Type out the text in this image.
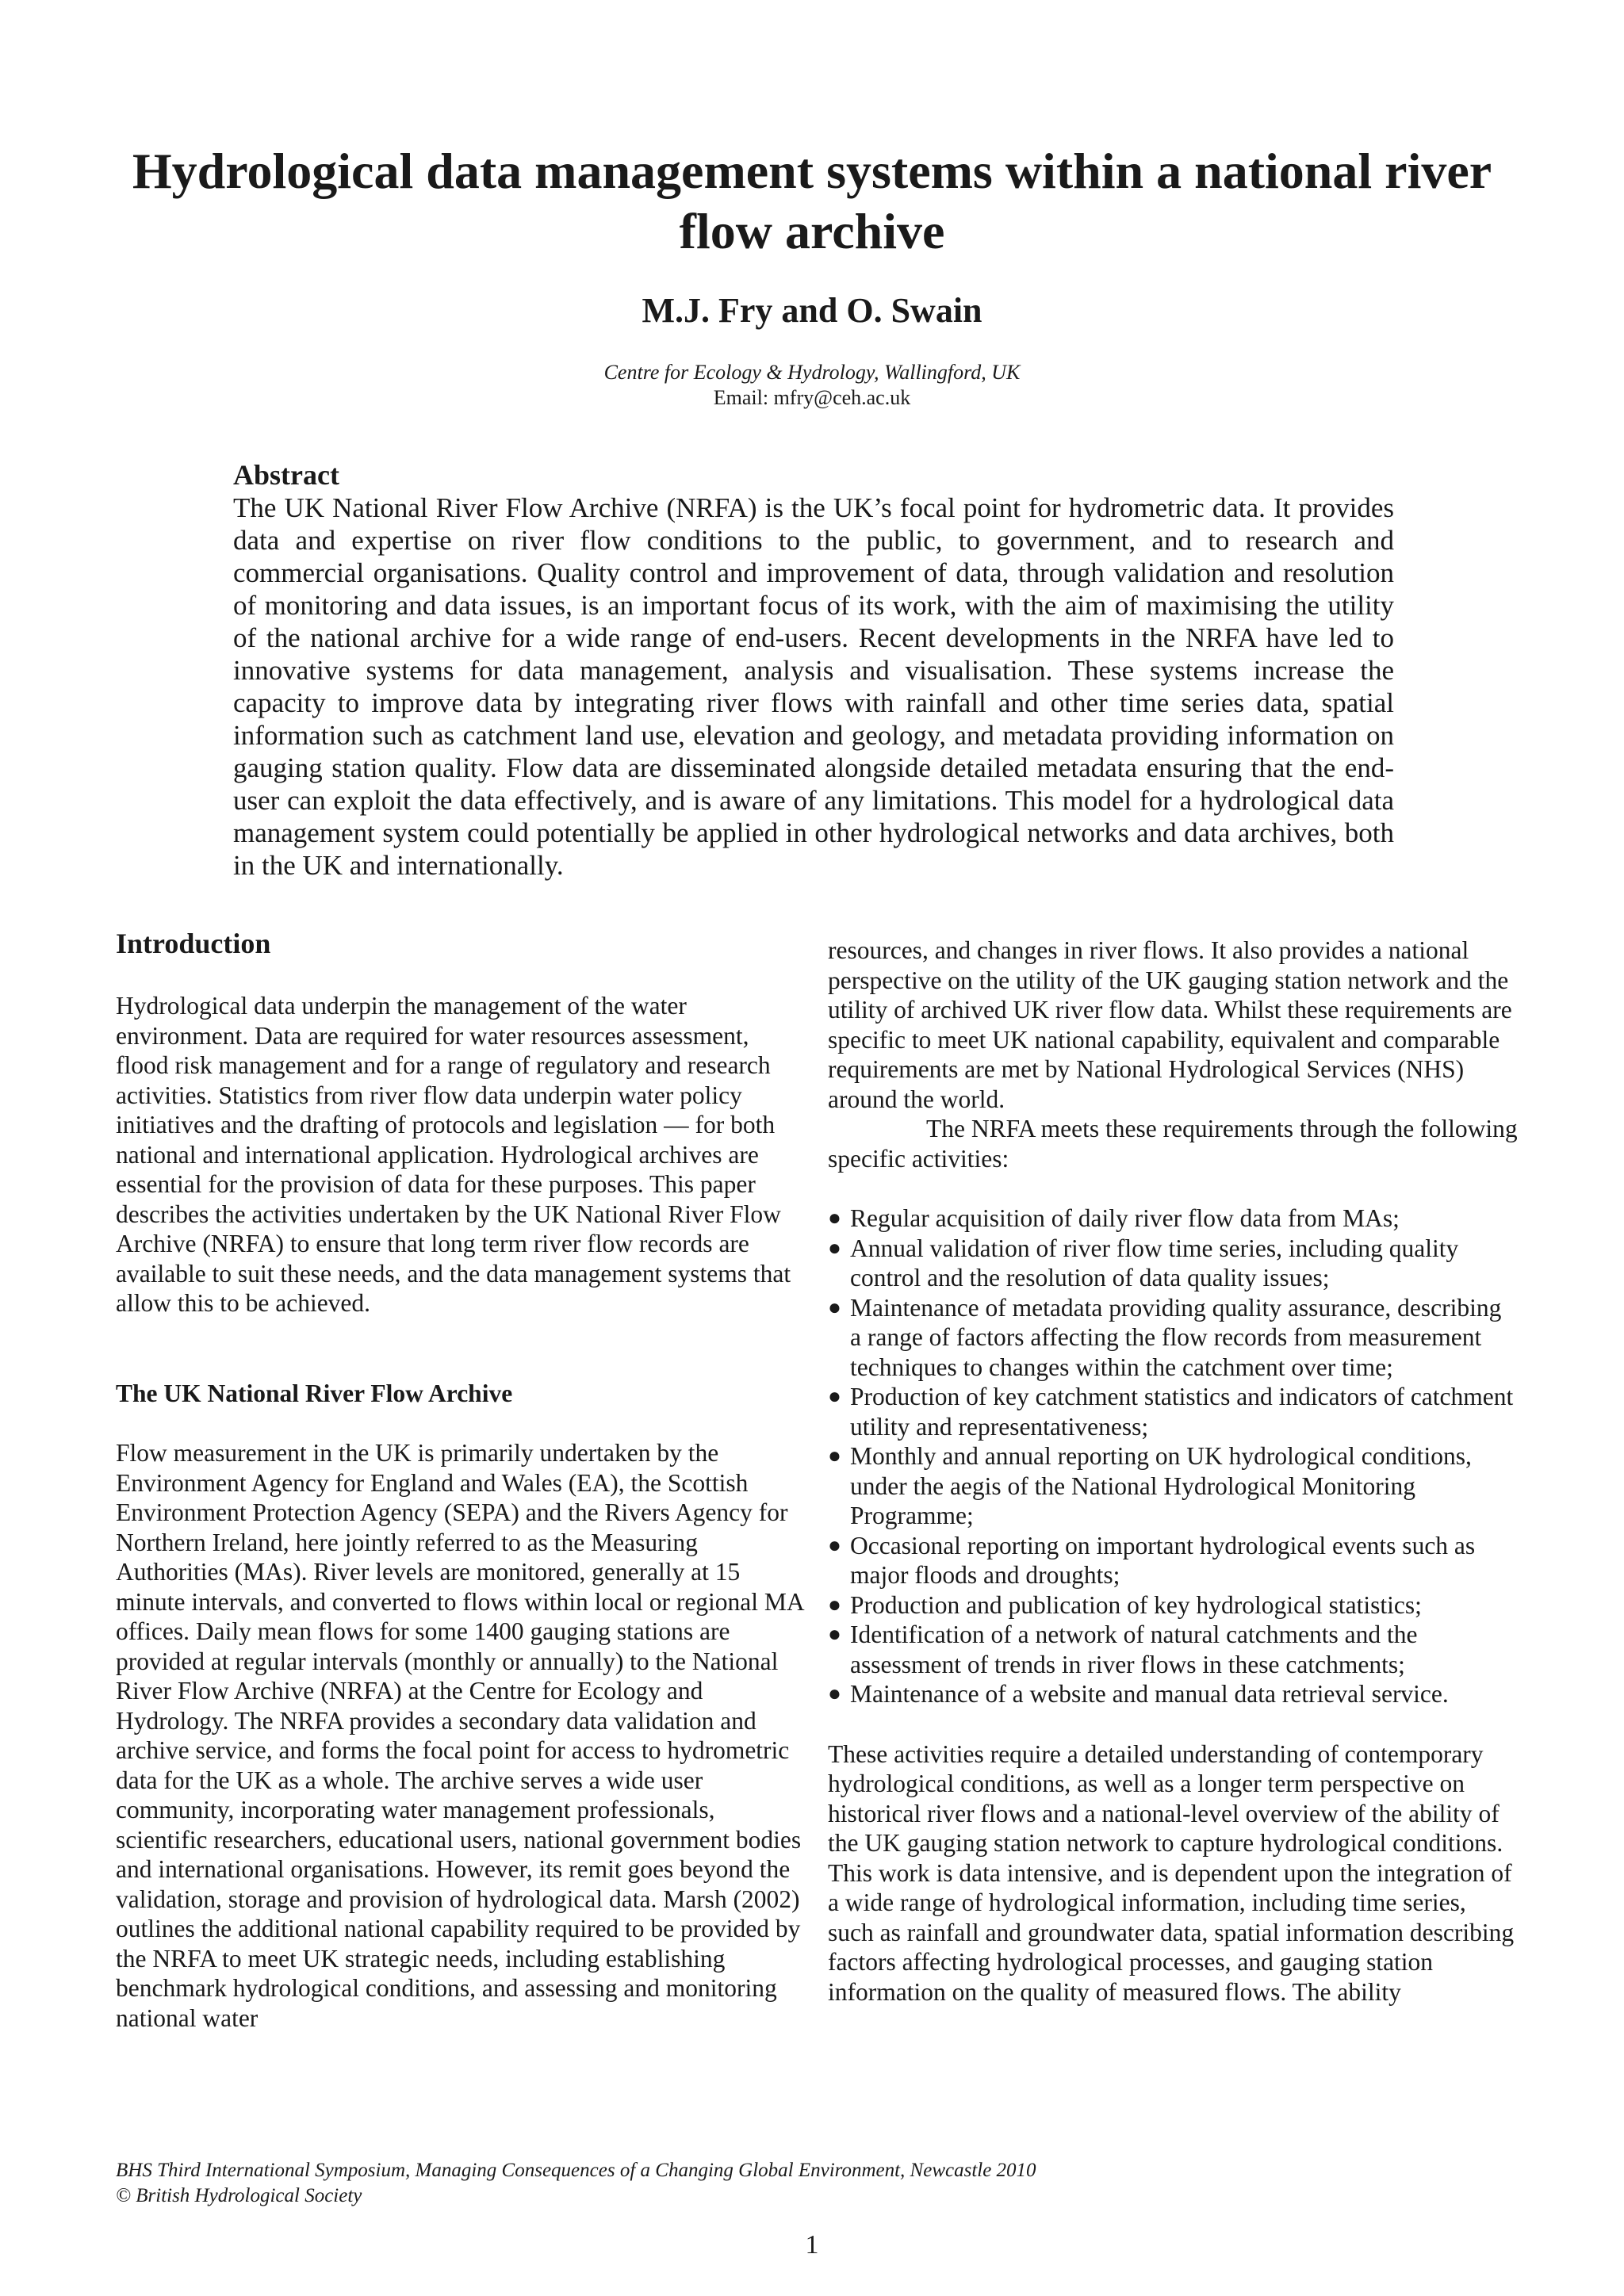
Hydrological data management systems within a national river flow archive
M.J. Fry and O. Swain
Centre for Ecology & Hydrology, Wallingford, UK
Email: mfry@ceh.ac.uk
Abstract

The UK National River Flow Archive (NRFA) is the UK’s focal point for hydrometric data. It provides data and expertise on river flow conditions to the public, to government, and to research and commercial organisations. Quality control and improvement of data, through validation and resolution of monitoring and data issues, is an important focus of its work, with the aim of maximising the utility of the national archive for a wide range of end-users. Recent developments in the NRFA have led to innovative systems for data management, analysis and visualisation. These systems increase the capacity to improve data by integrating river flows with rainfall and other time series data, spatial information such as catchment land use, elevation and geology, and metadata providing information on gauging station quality. Flow data are disseminated alongside detailed metadata ensuring that the end-user can exploit the data effectively, and is aware of any limitations. This model for a hydrological data management system could potentially be applied in other hydrological networks and data archives, both in the UK and internationally.

Introduction

Hydrological data underpin the management of the water environment. Data are required for water resources assessment, flood risk management and for a range of regulatory and research activities. Statistics from river flow data underpin water policy initiatives and the drafting of protocols and legislation — for both national and international application. Hydrological archives are essential for the provision of data for these purposes. This paper describes the activities undertaken by the UK National River Flow Archive (NRFA) to ensure that long term river flow records are available to suit these needs, and the data management systems that allow this to be achieved.

The UK National River Flow Archive

Flow measurement in the UK is primarily undertaken by the Environment Agency for England and Wales (EA), the Scottish Environment Protection Agency (SEPA) and the Rivers Agency for Northern Ireland, here jointly referred to as the Measuring Authorities (MAs). River levels are monitored, generally at 15 minute intervals, and converted to flows within local or regional MA offices. Daily mean flows for some 1400 gauging stations are provided at regular intervals (monthly or annually) to the National River Flow Archive (NRFA) at the Centre for Ecology and Hydrology. The NRFA provides a secondary data validation and archive service, and forms the focal point for access to hydrometric data for the UK as a whole. The archive serves a wide user community, incorporating water management professionals, scientific researchers, educational users, national government bodies and international organisations. However, its remit goes beyond the validation, storage and provision of hydrological data. Marsh (2002) outlines the additional national capability required to be provided by the NRFA to meet UK strategic needs, including establishing benchmark hydrological conditions, and assessing and monitoring national water

resources, and changes in river flows. It also provides a national perspective on the utility of the UK gauging station network and the utility of archived UK river flow data. Whilst these requirements are specific to meet UK national capability, equivalent and comparable requirements are met by National Hydrological Services (NHS) around the world.

The NRFA meets these requirements through the following specific activities:

● Regular acquisition of daily river flow data from MAs;
● Annual validation of river flow time series, including quality control and the resolution of data quality issues;
● Maintenance of metadata providing quality assurance, describing a range of factors affecting the flow records from measurement techniques to changes within the catchment over time;
● Production of key catchment statistics and indicators of catchment utility and representativeness;
● Monthly and annual reporting on UK hydrological conditions, under the aegis of the National Hydrological Monitoring Programme;
● Occasional reporting on important hydrological events such as major floods and droughts;
● Production and publication of key hydrological statistics;
● Identification of a network of natural catchments and the assessment of trends in river flows in these catchments;
● Maintenance of a website and manual data retrieval service.

These activities require a detailed understanding of contemporary hydrological conditions, as well as a longer term perspective on historical river flows and a national-level overview of the ability of the UK gauging station network to capture hydrological conditions. This work is data intensive, and is dependent upon the integration of a wide range of hydrological information, including time series, such as rainfall and groundwater data, spatial information describing factors affecting hydrological processes, and gauging station information on the quality of measured flows. The ability

BHS Third International Symposium, Managing Consequences of a Changing Global Environment, Newcastle 2010
© British Hydrological Society
1
